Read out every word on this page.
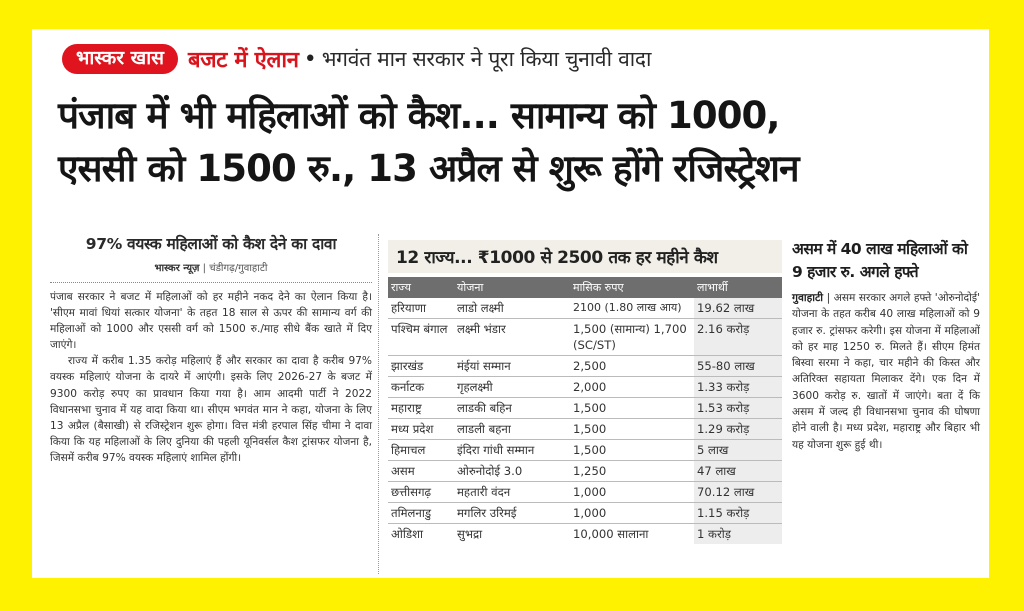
भास्कर खास	बजट में ऐलान • भगवंत मान सरकार ने पूरा किया चुनावी वादा
पंजाब में भी महिलाओं को कैश... सामान्य को 1000,
एससी को 1500 रु., 13 अप्रैल से शुरू होंगे रजिस्ट्रेशन
97% वयस्क महिलाओं को कैश देने का दावा
भास्कर न्यूज़ | चंडीगढ़/गुवाहाटी

पंजाब सरकार ने बजट में महिलाओं को हर महीने नकद देने का ऐलान किया है। 'सीएम मावां धियां सत्कार योजना' के तहत 18 साल से ऊपर की सामान्य वर्ग की महिलाओं को 1000 और एससी वर्ग को 1500 रु./माह सीधे बैंक खाते में दिए जाएंगे।

राज्य में करीब 1.35 करोड़ महिलाएं हैं और सरकार का दावा है करीब 97% वयस्क महिलाएं योजना के दायरे में आएंगी। इसके लिए 2026-27 के बजट में 9300 करोड़ रुपए का प्रावधान किया गया है। आम आदमी पार्टी ने 2022 विधानसभा चुनाव में यह वादा किया था। सीएम भगवंत मान ने कहा, योजना के लिए 13 अप्रैल (बैसाखी) से रजिस्ट्रेशन शुरू होगा। वित्त मंत्री हरपाल सिंह चीमा ने दावा किया कि यह महिलाओं के लिए दुनिया की पहली यूनिवर्सल कैश ट्रांसफर योजना है, जिसमें करीब 97% वयस्क महिलाएं शामिल होंगी।

12 राज्य... ₹1000 से 2500 तक हर महीने कैश
राज्य	योजना	मासिक रुपए	लाभार्थी
हरियाणा	लाडो लक्ष्मी	2100 (1.80 लाख आय)	19.62 लाख
पश्चिम बंगाल	लक्ष्मी भंडार	1,500 (सामान्य) 1,700 (SC/ST)	2.16 करोड़
झारखंड	मंईयां सम्मान	2,500	55-80 लाख
कर्नाटक	गृहलक्ष्मी	2,000	1.33 करोड़
महाराष्ट्र	लाडकी बहिन	1,500	1.53 करोड़
मध्य प्रदेश	लाडली बहना	1,500	1.29 करोड़
हिमाचल	इंदिरा गांधी सम्मान	1,500	5 लाख
असम	ओरुनोदोई 3.0	1,250	47 लाख
छत्तीसगढ़	महतारी वंदन	1,000	70.12 लाख
तमिलनाडु	मगलिर उरिमई	1,000	1.15 करोड़
ओडिशा	सुभद्रा	10,000 सालाना	1 करोड़
असम में 40 लाख महिलाओं को 9 हजार रु. अगले हफ्ते
गुवाहाटी | असम सरकार अगले हफ्ते 'ओरुनोदोई' योजना के तहत करीब 40 लाख महिलाओं को 9 हजार रु. ट्रांसफर करेगी। इस योजना में महिलाओं को हर माह 1250 रु. मिलते हैं। सीएम हिमंत बिस्वा सरमा ने कहा, चार महीने की किस्त और अतिरिक्त सहायता मिलाकर देंगे। एक दिन में 3600 करोड़ रु. खातों में जाएंगे। बता दें कि असम में जल्द ही विधानसभा चुनाव की घोषणा होने वाली है। मध्य प्रदेश, महाराष्ट्र और बिहार भी यह योजना शुरू हुई थी।
